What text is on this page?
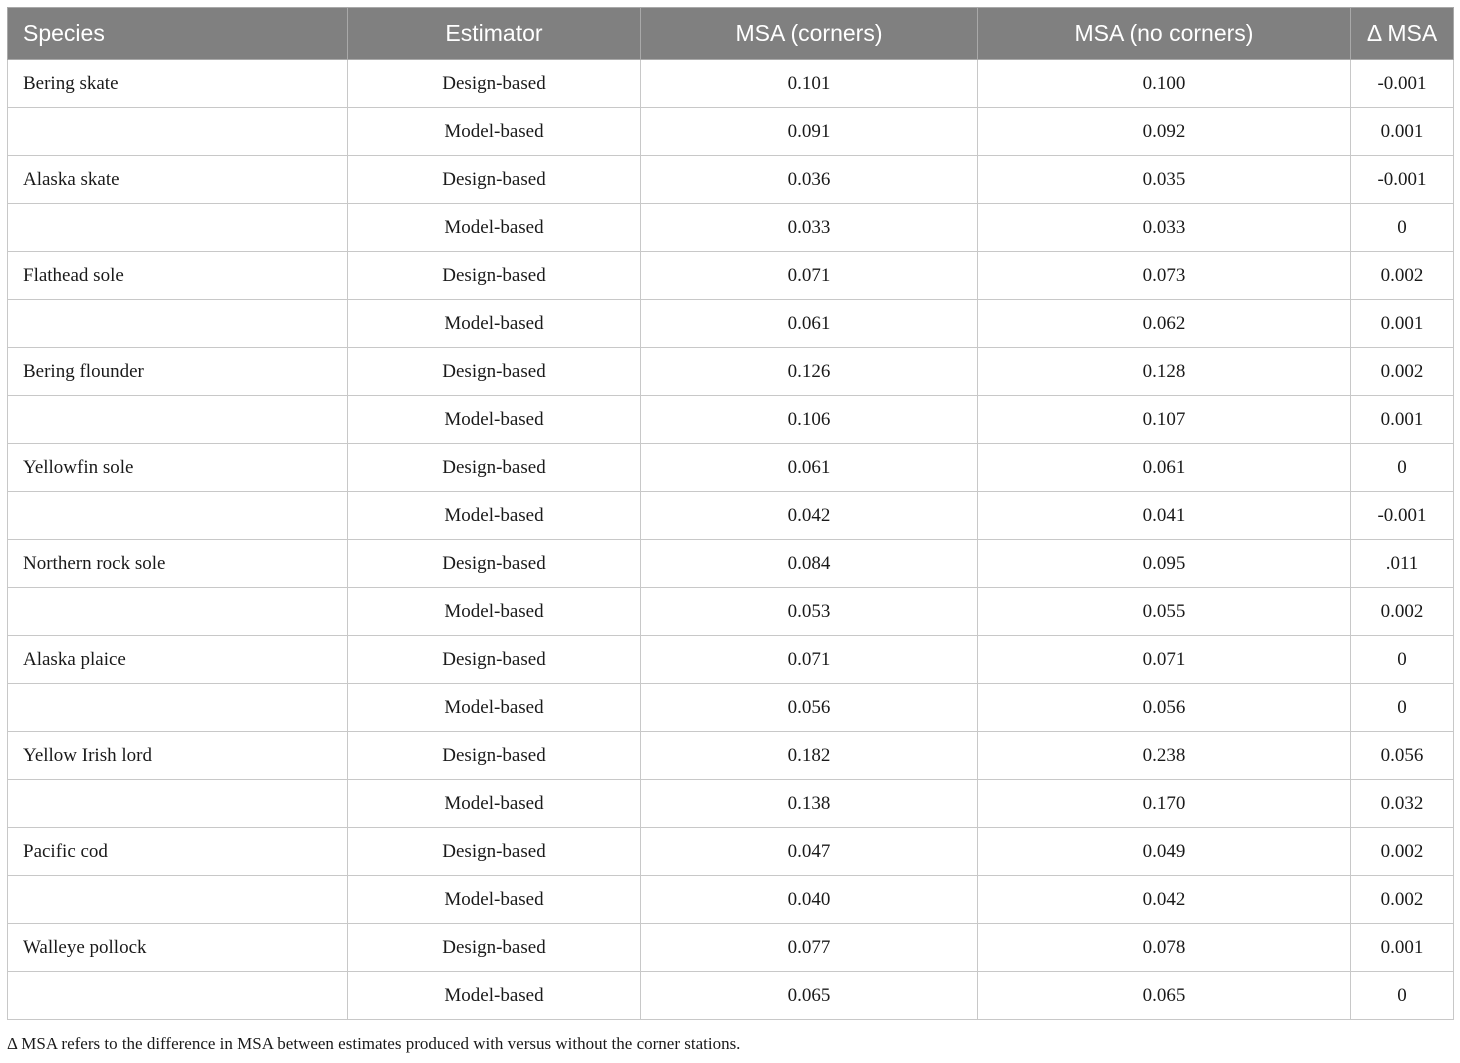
Species	Estimator	MSA (corners)	MSA (no corners)	Δ MSA
Bering skate	Design-based	0.101	0.100	-0.001
	Model-based	0.091	0.092	0.001
Alaska skate	Design-based	0.036	0.035	-0.001
	Model-based	0.033	0.033	0
Flathead sole	Design-based	0.071	0.073	0.002
	Model-based	0.061	0.062	0.001
Bering flounder	Design-based	0.126	0.128	0.002
	Model-based	0.106	0.107	0.001
Yellowfin sole	Design-based	0.061	0.061	0
	Model-based	0.042	0.041	-0.001
Northern rock sole	Design-based	0.084	0.095	.011
	Model-based	0.053	0.055	0.002
Alaska plaice	Design-based	0.071	0.071	0
	Model-based	0.056	0.056	0
Yellow Irish lord	Design-based	0.182	0.238	0.056
	Model-based	0.138	0.170	0.032
Pacific cod	Design-based	0.047	0.049	0.002
	Model-based	0.040	0.042	0.002
Walleye pollock	Design-based	0.077	0.078	0.001
	Model-based	0.065	0.065	0
Δ MSA refers to the difference in MSA between estimates produced with versus without the corner stations.
